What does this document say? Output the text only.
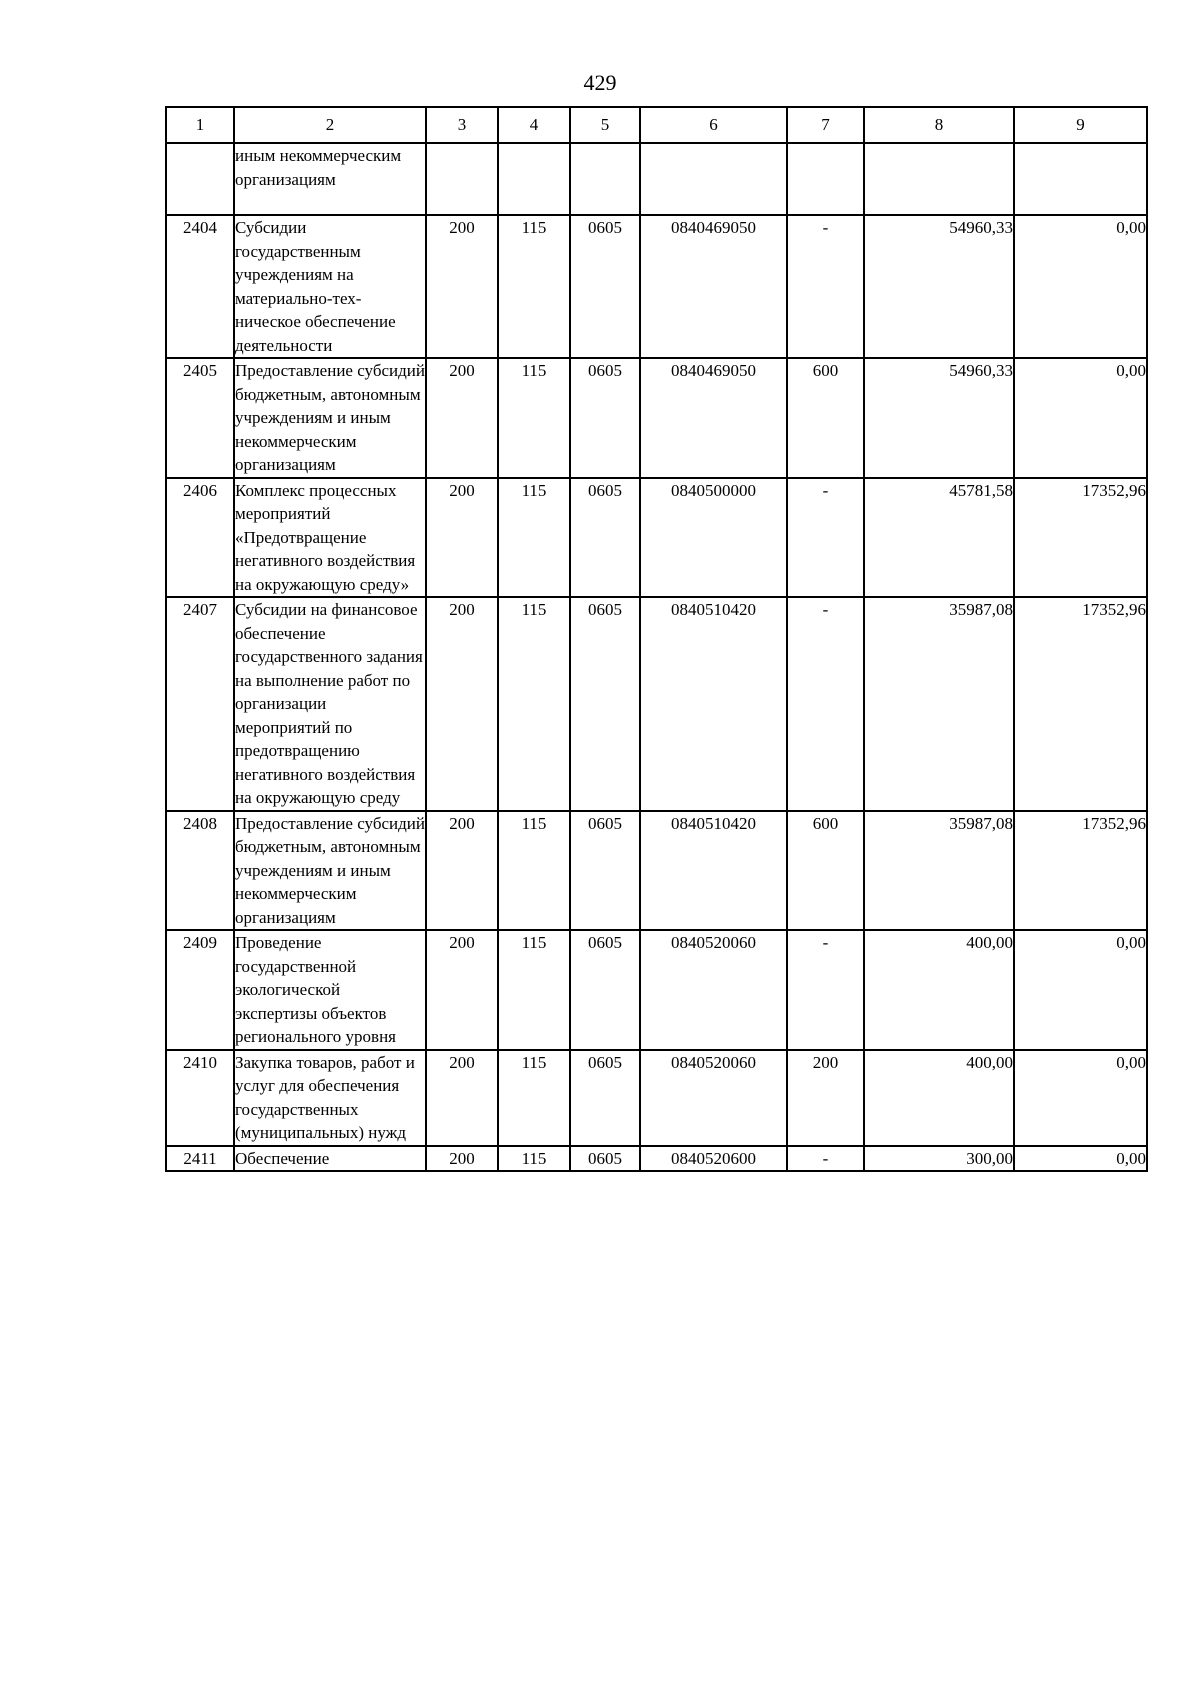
429
1	2	3	4	5	6	7	8	9
	иным некоммерческим организациям							
2404	Субсидии государственным учреждениям на материально-тех-ническое обеспечение деятельности	200	115	0605	0840469050	-	54960,33	0,00
2405	Предоставление субсидий бюджетным, автономным учреждениям и иным некоммерческим организациям	200	115	0605	0840469050	600	54960,33	0,00
2406	Комплекс процессных мероприятий «Предотвращение негативного воздействия на окружающую среду»	200	115	0605	0840500000	-	45781,58	17352,96
2407	Субсидии на финансовое обеспечение государственного задания на выполнение работ по организации мероприятий по предотвращению негативного воздействия на окружающую среду	200	115	0605	0840510420	-	35987,08	17352,96
2408	Предоставление субсидий бюджетным, автономным учреждениям и иным некоммерческим организациям	200	115	0605	0840510420	600	35987,08	17352,96
2409	Проведение государственной экологической экспертизы объектов регионального уровня	200	115	0605	0840520060	-	400,00	0,00
2410	Закупка товаров, работ и услуг для обеспечения государственных (муниципальных) нужд	200	115	0605	0840520060	200	400,00	0,00
2411	Обеспечение	200	115	0605	0840520600	-	300,00	0,00
